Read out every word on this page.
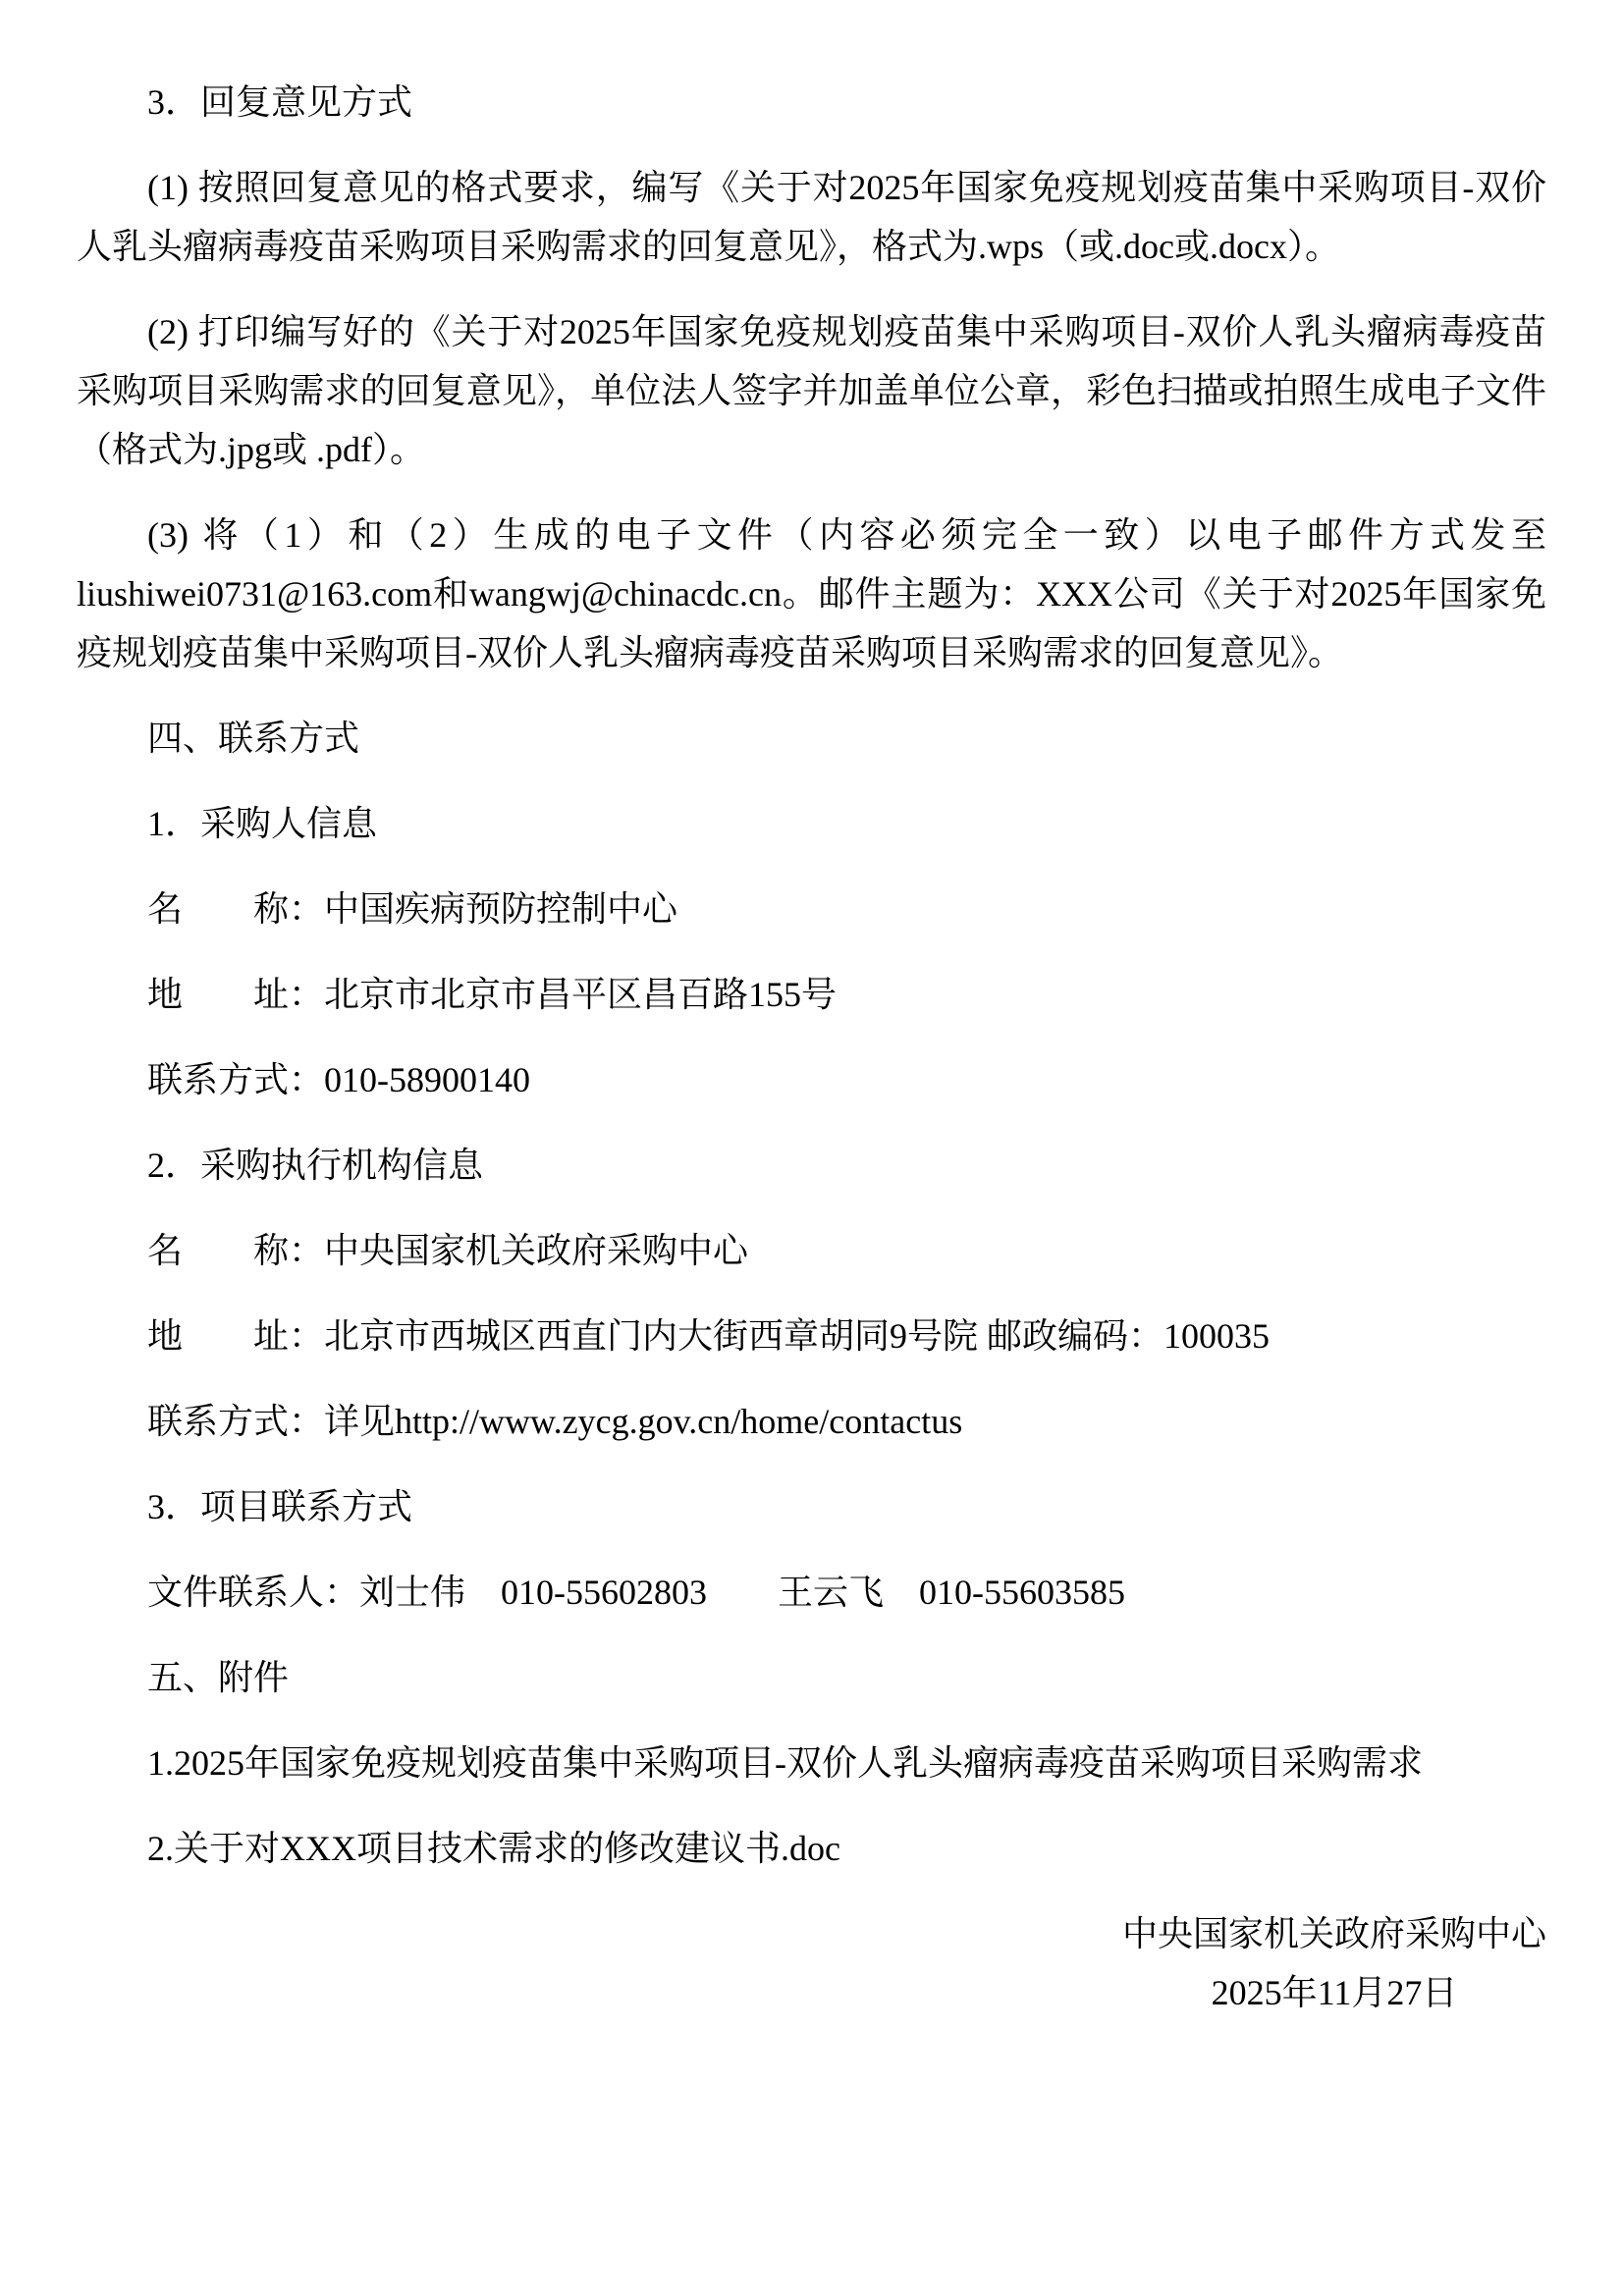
3．回复意见方式

(1) 按照回复意见的格式要求，编写《关于对2025年国家免疫规划疫苗集中采购项目-双价人乳头瘤病毒疫苗采购项目采购需求的回复意见》，格式为.wps（或.doc或.docx）。

(2) 打印编写好的《关于对2025年国家免疫规划疫苗集中采购项目-双价人乳头瘤病毒疫苗采购项目采购需求的回复意见》，单位法人签字并加盖单位公章，彩色扫描或拍照生成电子文件（格式为.jpg或 .pdf）。

(3) 将（1）和（2）生成的电子文件（内容必须完全一致）以电子邮件方式发至liushiwei0731@163.com和wangwj@chinacdc.cn。邮件主题为：XXX公司《关于对2025年国家免疫规划疫苗集中采购项目-双价人乳头瘤病毒疫苗采购项目采购需求的回复意见》。

四、联系方式

1．采购人信息

名　　称：中国疾病预防控制中心

地　　址：北京市北京市昌平区昌百路155号

联系方式：010-58900140

2．采购执行机构信息

名　　称：中央国家机关政府采购中心

地　　址：北京市西城区西直门内大街西章胡同9号院 邮政编码：100035

联系方式：详见http://www.zycg.gov.cn/home/contactus

3．项目联系方式

文件联系人：刘士伟　010-55602803　　王云飞　010-55603585

五、附件

1.2025年国家免疫规划疫苗集中采购项目-双价人乳头瘤病毒疫苗采购项目采购需求

2.关于对XXX项目技术需求的修改建议书.doc

中央国家机关政府采购中心
2025年11月27日
